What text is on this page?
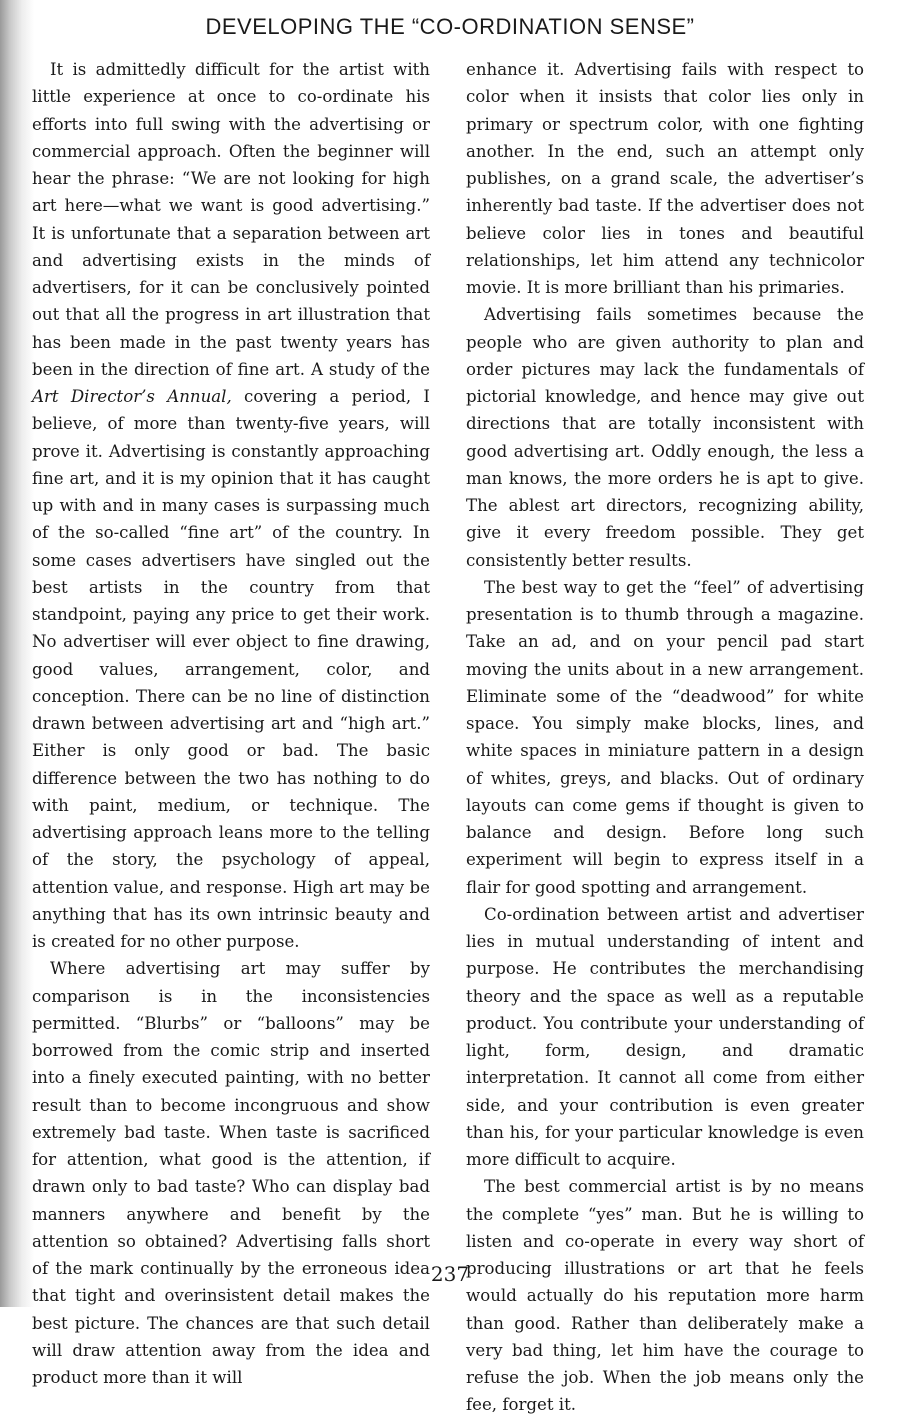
DEVELOPING THE “CO-ORDINATION SENSE”

It is admittedly difficult for the artist with little experience at once to co-ordinate his efforts into full swing with the advertising or commercial approach. Often the beginner will hear the phrase: “We are not looking for high art here—what we want is good advertising.” It is unfortunate that a separation between art and advertising exists in the minds of advertisers, for it can be conclusively pointed out that all the progress in art illustration that has been made in the past twenty years has been in the direction of fine art. A study of the Art Director’s Annual, covering a period, I believe, of more than twenty-five years, will prove it. Advertising is constantly approaching fine art, and it is my opinion that it has caught up with and in many cases is surpassing much of the so-called “fine art” of the country. In some cases advertisers have singled out the best artists in the country from that standpoint, paying any price to get their work. No advertiser will ever object to fine drawing, good values, arrangement, color, and conception. There can be no line of distinction drawn between advertising art and “high art.” Either is only good or bad. The basic difference between the two has nothing to do with paint, medium, or technique. The advertising approach leans more to the telling of the story, the psychology of appeal, attention value, and response. High art may be anything that has its own intrinsic beauty and is created for no other purpose.

Where advertising art may suffer by comparison is in the inconsistencies permitted. “Blurbs” or “balloons” may be borrowed from the comic strip and inserted into a finely executed painting, with no better result than to become incongruous and show extremely bad taste. When taste is sacrificed for attention, what good is the attention, if drawn only to bad taste? Who can display bad manners anywhere and benefit by the attention so obtained? Advertising falls short of the mark continually by the erroneous idea that tight and overinsistent detail makes the best picture. The chances are that such detail will draw attention away from the idea and product more than it will

enhance it. Advertising fails with respect to color when it insists that color lies only in primary or spectrum color, with one fighting another. In the end, such an attempt only publishes, on a grand scale, the advertiser’s inherently bad taste. If the advertiser does not believe color lies in tones and beautiful relationships, let him attend any technicolor movie. It is more brilliant than his primaries.

Advertising fails sometimes because the people who are given authority to plan and order pictures may lack the fundamentals of pictorial knowledge, and hence may give out directions that are totally inconsistent with good advertising art. Oddly enough, the less a man knows, the more orders he is apt to give. The ablest art directors, recognizing ability, give it every freedom possible. They get consistently better results.

The best way to get the “feel” of advertising presentation is to thumb through a magazine. Take an ad, and on your pencil pad start moving the units about in a new arrangement. Eliminate some of the “deadwood” for white space. You simply make blocks, lines, and white spaces in miniature pattern in a design of whites, greys, and blacks. Out of ordinary layouts can come gems if thought is given to balance and design. Before long such experiment will begin to express itself in a flair for good spotting and arrangement.

Co-ordination between artist and advertiser lies in mutual understanding of intent and purpose. He contributes the merchandising theory and the space as well as a reputable product. You contribute your understanding of light, form, design, and dramatic interpretation. It cannot all come from either side, and your contribution is even greater than his, for your particular knowledge is even more difficult to acquire.

The best commercial artist is by no means the complete “yes” man. But he is willing to listen and co-operate in every way short of producing illustrations or art that he feels would actually do his reputation more harm than good. Rather than deliberately make a very bad thing, let him have the courage to refuse the job. When the job means only the fee, forget it.

237
